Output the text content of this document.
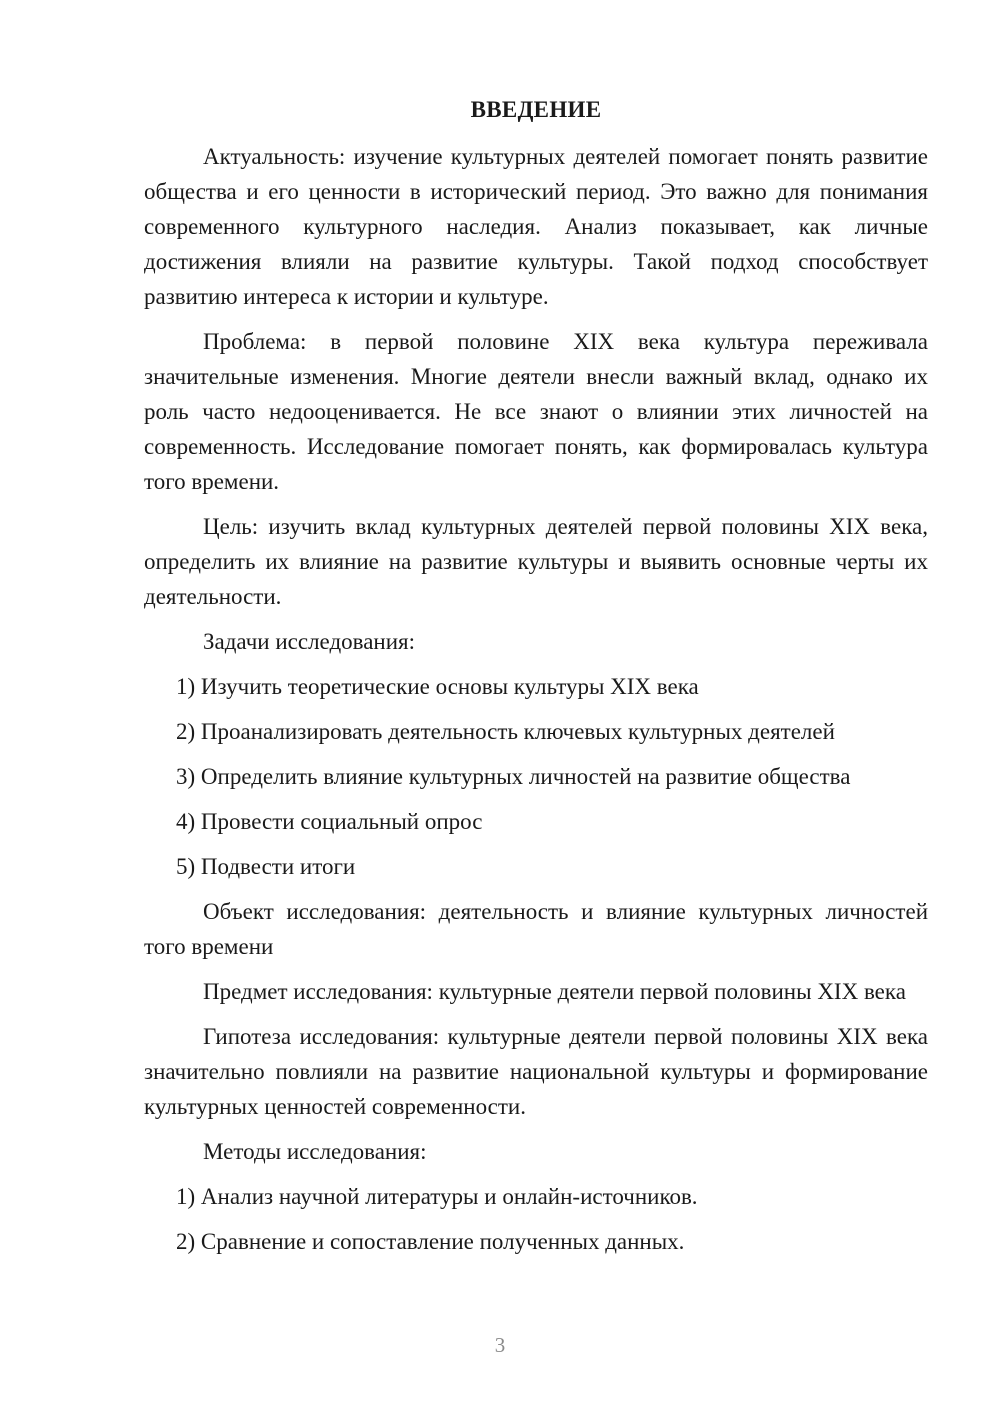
ВВЕДЕНИЕ

Актуальность: изучение культурных деятелей помогает понять развитие общества и его ценности в исторический период. Это важно для понимания современного культурного наследия. Анализ показывает, как личные достижения влияли на развитие культуры. Такой подход способствует развитию интереса к истории и культуре.

Проблема: в первой половине XIX века культура переживала значительные изменения. Многие деятели внесли важный вклад, однако их роль часто недооценивается. Не все знают о влиянии этих личностей на современность. Исследование помогает понять, как формировалась культура того времени.

Цель: изучить вклад культурных деятелей первой половины XIX века, определить их влияние на развитие культуры и выявить основные черты их деятельности.

Задачи исследования:

1) Изучить теоретические основы культуры XIX века

2) Проанализировать деятельность ключевых культурных деятелей

3) Определить влияние культурных личностей на развитие общества

4) Провести социальный опрос

5) Подвести итоги

Объект исследования: деятельность и влияние культурных личностей того времени

Предмет исследования: культурные деятели первой половины XIX века

Гипотеза исследования: культурные деятели первой половины XIX века значительно повлияли на развитие национальной культуры и формирование культурных ценностей современности.

Методы исследования:

1) Анализ научной литературы и онлайн-источников.

2) Сравнение и сопоставление полученных данных.

3
